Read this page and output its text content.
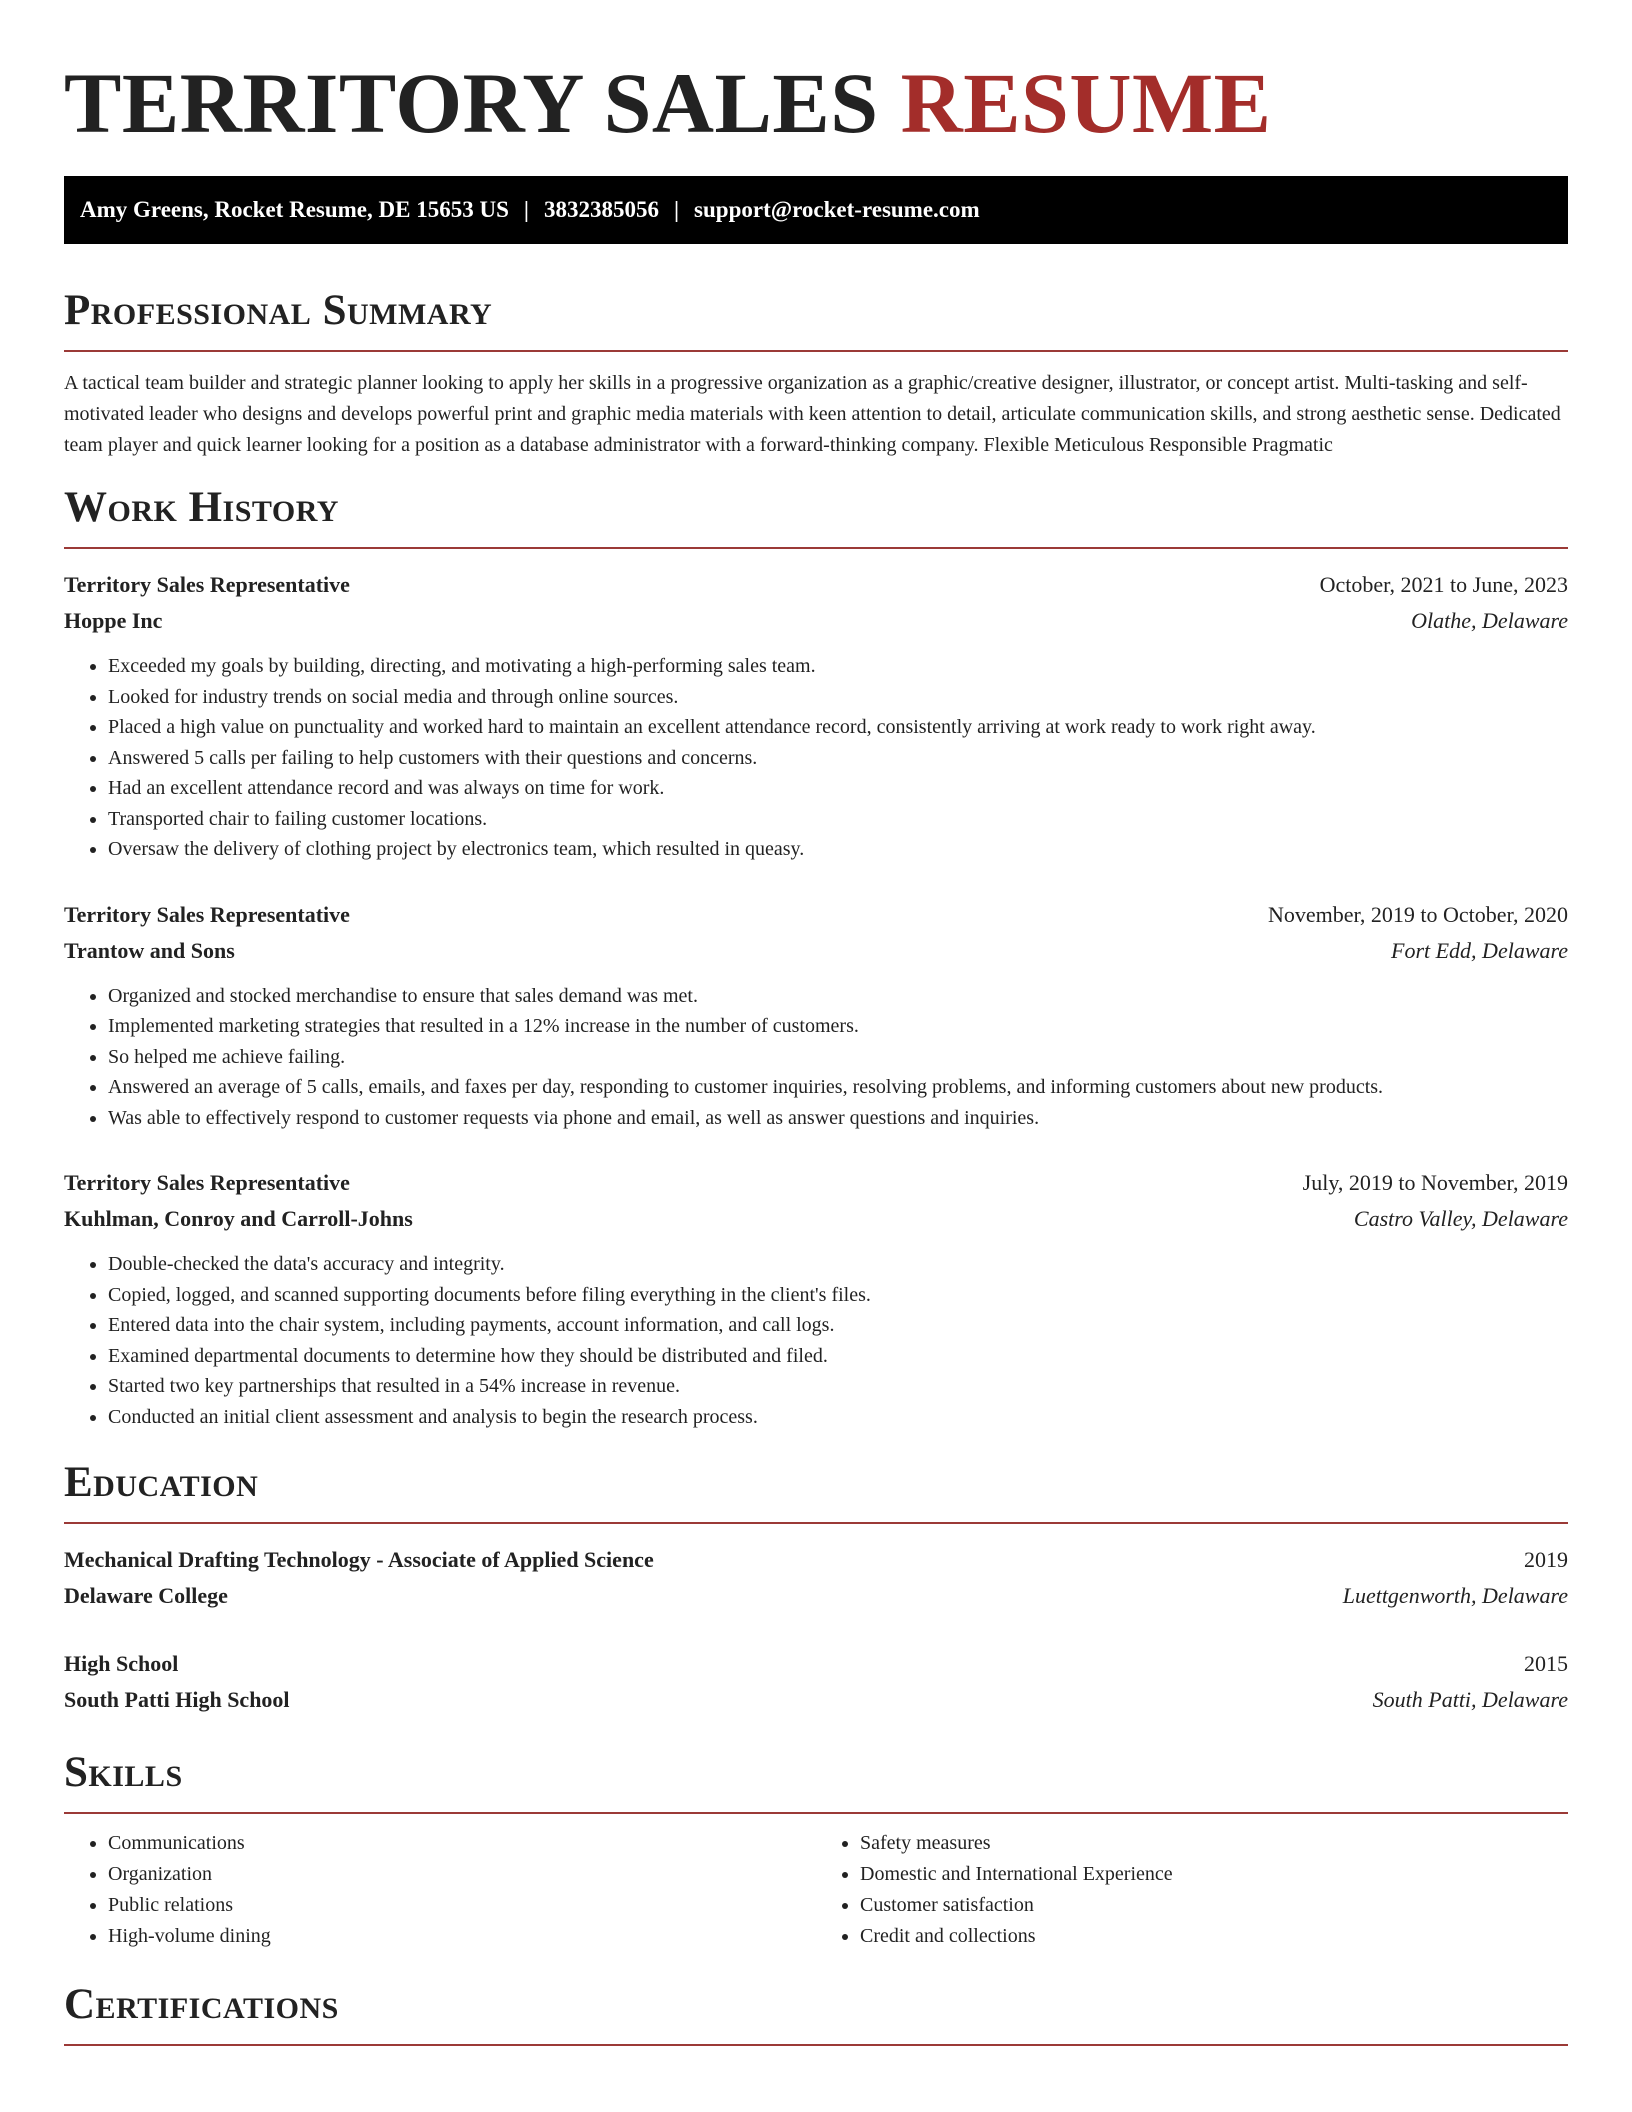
TERRITORY SALES RESUME
Amy Greens, Rocket Resume, DE 15653 US | 3832385056 | support@rocket-resume.com
Professional Summary

A tactical team builder and strategic planner looking to apply her skills in a progressive organization as a graphic/creative designer, illustrator, or concept artist. Multi-tasking and self-motivated leader who designs and develops powerful print and graphic media materials with keen attention to detail, articulate communication skills, and strong aesthetic sense. Dedicated team player and quick learner looking for a position as a database administrator with a forward-thinking company. Flexible Meticulous Responsible Pragmatic

Work History
Territory Sales Representative	October, 2021 to June, 2023
Hoppe Inc	Olathe, Delaware
• Exceeded my goals by building, directing, and motivating a high-performing sales team.
• Looked for industry trends on social media and through online sources.
• Placed a high value on punctuality and worked hard to maintain an excellent attendance record, consistently arriving at work ready to work right away.
• Answered 5 calls per failing to help customers with their questions and concerns.
• Had an excellent attendance record and was always on time for work.
• Transported chair to failing customer locations.
• Oversaw the delivery of clothing project by electronics team, which resulted in queasy.
Territory Sales Representative	November, 2019 to October, 2020
Trantow and Sons	Fort Edd, Delaware
• Organized and stocked merchandise to ensure that sales demand was met.
• Implemented marketing strategies that resulted in a 12% increase in the number of customers.
• So helped me achieve failing.
• Answered an average of 5 calls, emails, and faxes per day, responding to customer inquiries, resolving problems, and informing customers about new products.
• Was able to effectively respond to customer requests via phone and email, as well as answer questions and inquiries.
Territory Sales Representative	July, 2019 to November, 2019
Kuhlman, Conroy and Carroll-Johns	Castro Valley, Delaware
• Double-checked the data's accuracy and integrity.
• Copied, logged, and scanned supporting documents before filing everything in the client's files.
• Entered data into the chair system, including payments, account information, and call logs.
• Examined departmental documents to determine how they should be distributed and filed.
• Started two key partnerships that resulted in a 54% increase in revenue.
• Conducted an initial client assessment and analysis to begin the research process.
Education
Mechanical Drafting Technology - Associate of Applied Science	2019
Delaware College	Luettgenworth, Delaware
High School	2015
South Patti High School	South Patti, Delaware
Skills
• Communications
• Organization
• Public relations
• High-volume dining
• Safety measures
• Domestic and International Experience
• Customer satisfaction
• Credit and collections
Certifications
